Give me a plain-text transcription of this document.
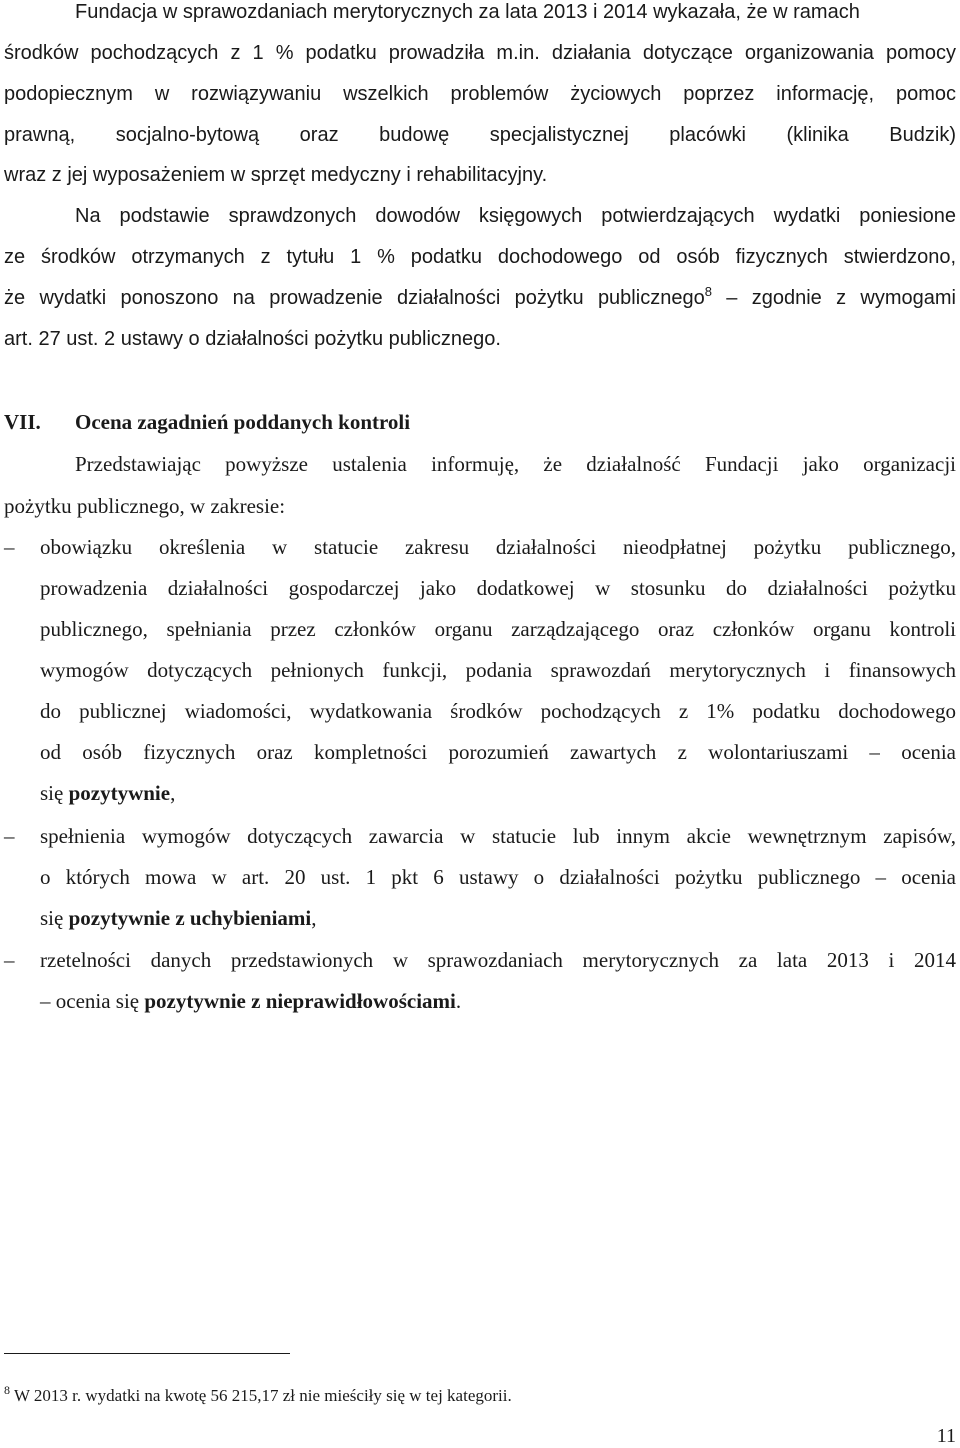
Fundacja w sprawozdaniach merytorycznych za lata 2013 i 2014 wykazała, że w ramach
środków pochodzących z 1 % podatku prowadziła m.in. działania dotyczące organizowania pomocy
podopiecznym w rozwiązywaniu wszelkich problemów życiowych poprzez informację, pomoc
prawną, socjalno-bytową oraz budowę specjalistycznej placówki (klinika Budzik)
wraz z jej wyposażeniem w sprzęt medyczny i rehabilitacyjny.
Na podstawie sprawdzonych dowodów księgowych potwierdzających wydatki poniesione
ze środków otrzymanych z tytułu 1 % podatku dochodowego od osób fizycznych stwierdzono,
że wydatki ponoszono na prowadzenie działalności pożytku publicznego$^8$ – zgodnie z wymogami
art. 27 ust. 2 ustawy o działalności pożytku publicznego.
VII. Ocena zagadnień poddanych kontroli
Przedstawiając powyższe ustalenia informuję, że działalność Fundacji jako organizacji
pożytku publicznego, w zakresie:
– obowiązku określenia w statucie zakresu działalności nieodpłatnej pożytku publicznego,
prowadzenia działalności gospodarczej jako dodatkowej w stosunku do działalności pożytku
publicznego, spełniania przez członków organu zarządzającego oraz członków organu kontroli
wymogów dotyczących pełnionych funkcji, podania sprawozdań merytorycznych i finansowych
do publicznej wiadomości, wydatkowania środków pochodzących z 1% podatku dochodowego
od osób fizycznych oraz kompletności porozumień zawartych z wolontariuszami – ocenia
się pozytywnie,
– spełnienia wymogów dotyczących zawarcia w statucie lub innym akcie wewnętrznym zapisów,
o których mowa w art. 20 ust. 1 pkt 6 ustawy o działalności pożytku publicznego – ocenia
się pozytywnie z uchybieniami,
– rzetelności danych przedstawionych w sprawozdaniach merytorycznych za lata 2013 i 2014
– ocenia się pozytywnie z nieprawidłowościami.
$^8$ W 2013 r. wydatki na kwotę 56 215,17 zł nie mieściły się w tej kategorii.
11
